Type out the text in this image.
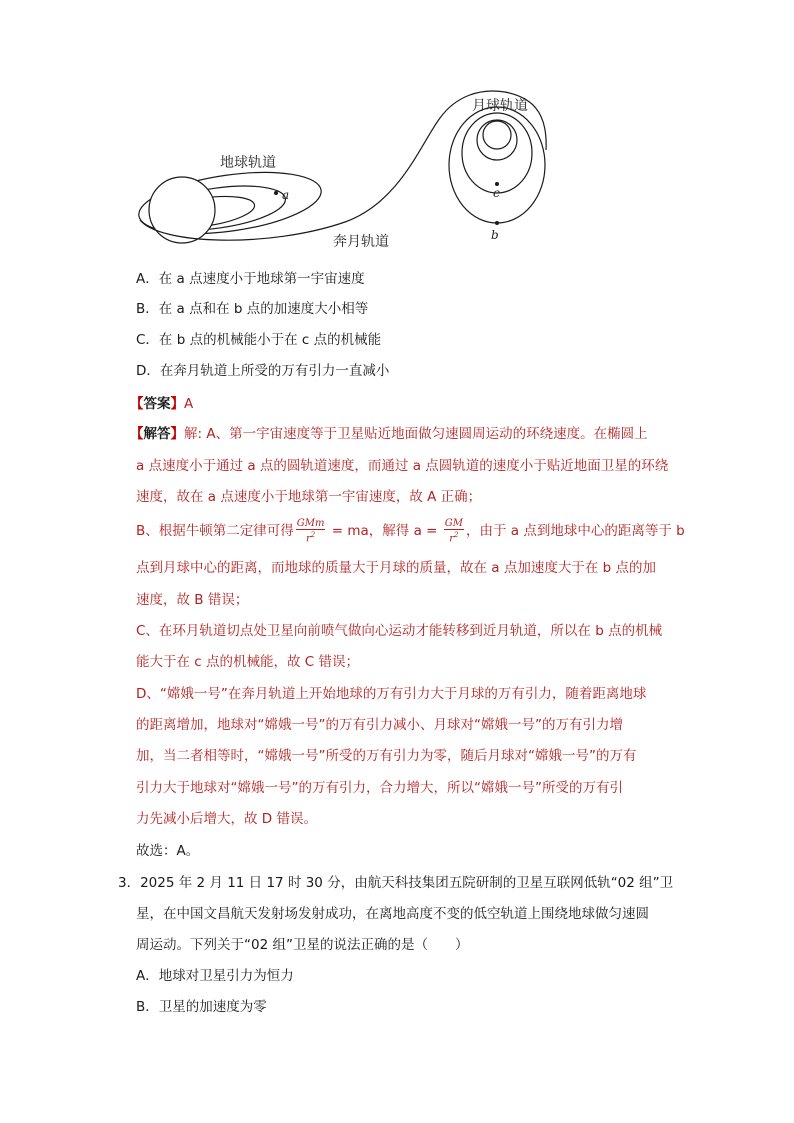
地球轨道
月球轨道
奔月轨道
a	c
b
A．在 a 点速度小于地球第一宇宙速度
B．在 a 点和在 b 点的加速度大小相等
C．在 b 点的机械能小于在 c 点的机械能
D．在奔月轨道上所受的万有引力一直减小
【答案】A
【解答】解: A、第一宇宙速度等于卫星贴近地面做匀速圆周运动的环绕速度。在椭圆上
a 点速度小于通过 a 点的圆轨道速度，而通过 a 点圆轨道的速度小于贴近地面卫星的环绕
速度，故在 a 点速度小于地球第一宇宙速度，故 A 正确；
B、根据牛顿第二定律可得 $\frac{\text{GMm}}{r^2}$ = ma，解得 $a = \frac{GM}{r^2}$ ，由于 a 点到地球中心的距离等于 b
点到月球中心的距离，而地球的质量大于月球的质量，故在 a 点加速度大于在 b 点的加
速度，故 B 错误；
C、在环月轨道切点处卫星向前喷气做向心运动才能转移到近月轨道，所以在 b 点的机械
能大于在 c 点的机械能，故 C 错误；
D、“嫦娥一号”在奔月轨道上开始地球的万有引力大于月球的万有引力，随着距离地球
的距离增加，地球对“嫦娥一号”的万有引力减小、月球对“嫦娥一号”的万有引力增
加，当二者相等时，“嫦娥一号”所受的万有引力为零，随后月球对“嫦娥一号”的万有
引力大于地球对“嫦娥一号”的万有引力，合力增大，所以“嫦娥一号”所受的万有引
力先减小后增大，故 D 错误。
故选：A。
3．2025 年 2 月 11 日 17 时 30 分，由航天科技集团五院研制的卫星互联网低轨“02 组”卫
星，在中国文昌航天发射场发射成功，在离地高度不变的低空轨道上围绕地球做匀速圆
周运动。下列关于“02 组”卫星的说法正确的是（　　）
A．地球对卫星引力为恒力
B．卫星的加速度为零
